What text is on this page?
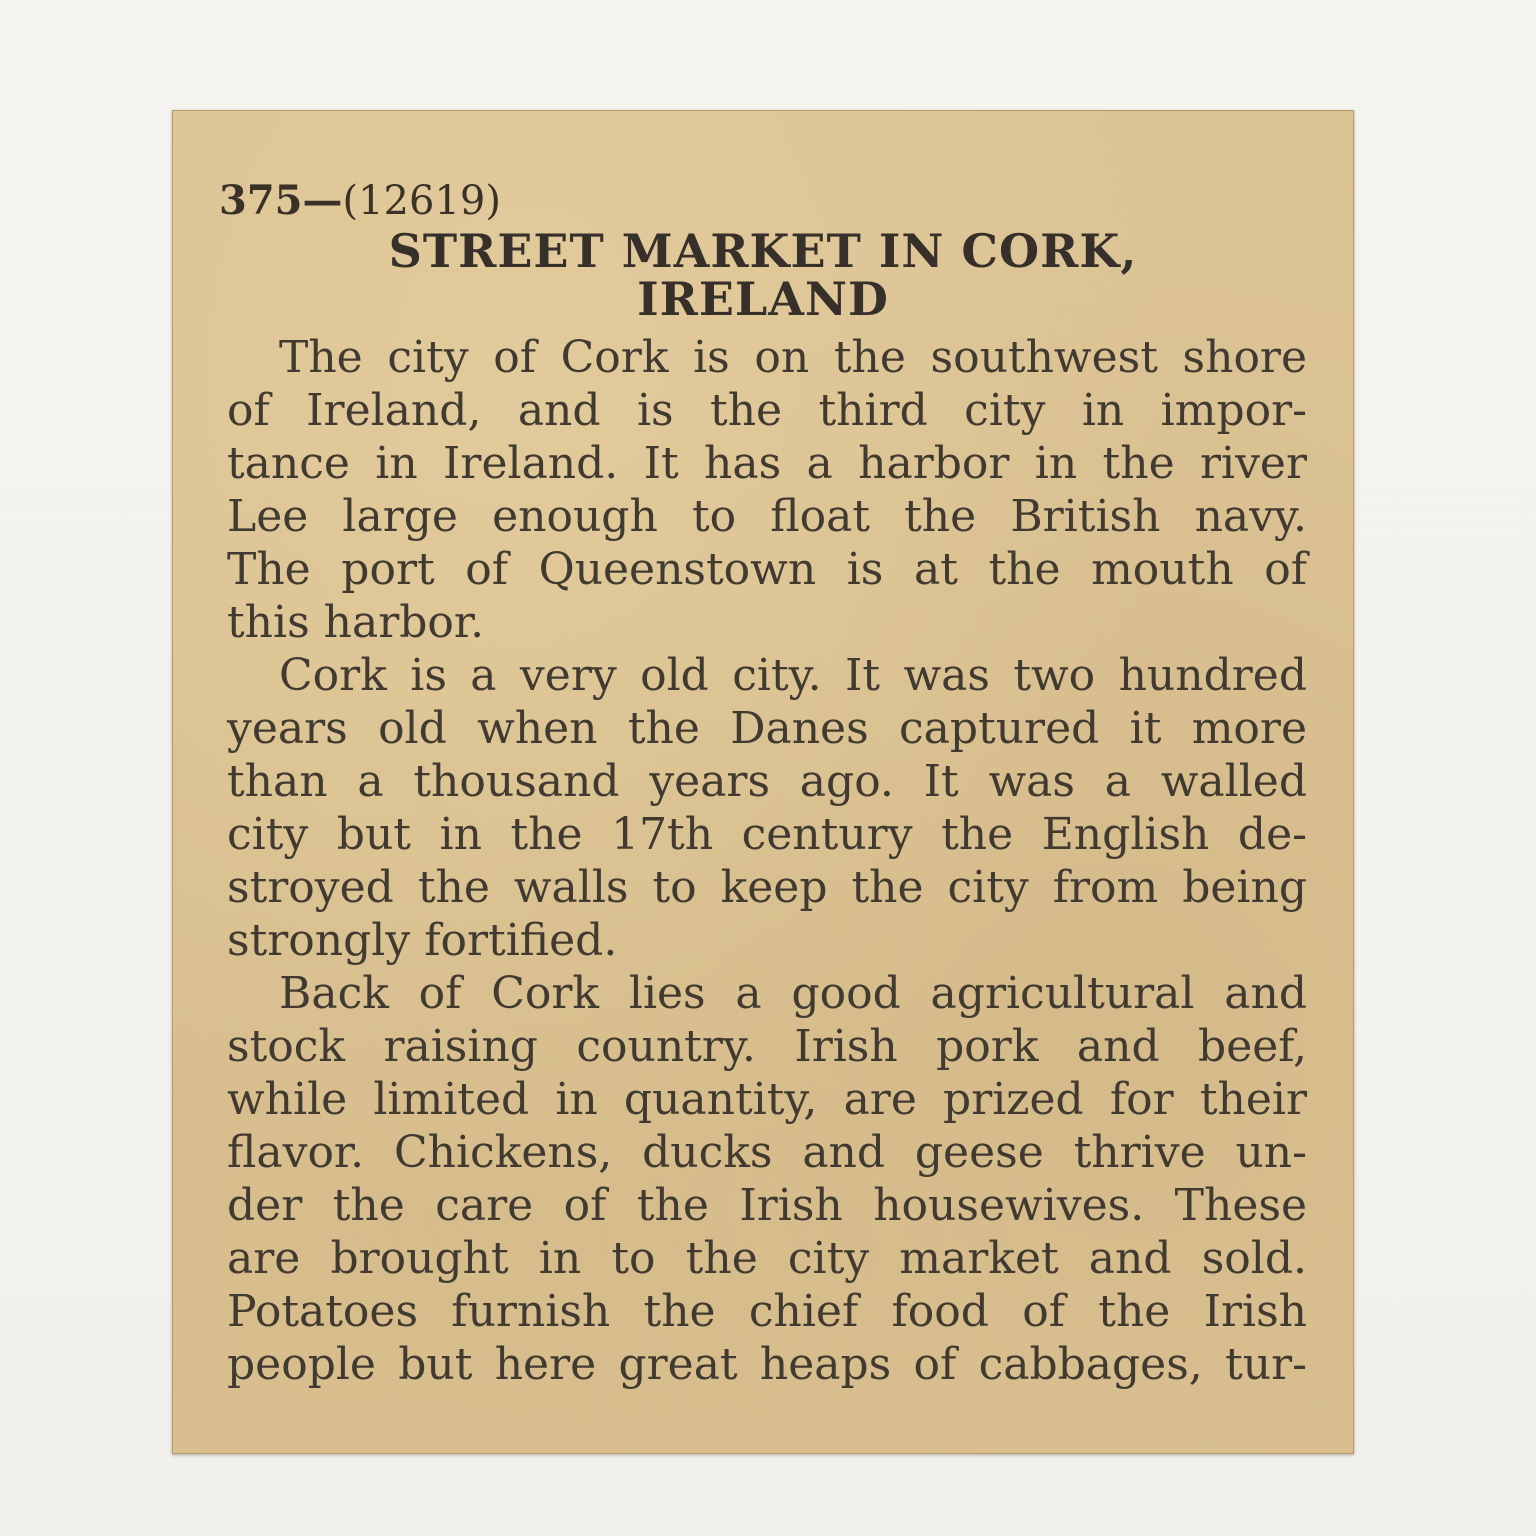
375—(12619)
STREET MARKET IN CORK,
IRELAND
The city of Cork is on the southwest shore
of Ireland, and is the third city in impor-
tance in Ireland. It has a harbor in the river
Lee large enough to float the British navy.
The port of Queenstown is at the mouth of
this harbor.
Cork is a very old city. It was two hundred
years old when the Danes captured it more
than a thousand years ago. It was a walled
city but in the 17th century the English de-
stroyed the walls to keep the city from being
strongly fortified.
Back of Cork lies a good agricultural and
stock raising country. Irish pork and beef,
while limited in quantity, are prized for their
flavor. Chickens, ducks and geese thrive un-
der the care of the Irish housewives. These
are brought in to the city market and sold.
Potatoes furnish the chief food of the Irish
people but here great heaps of cabbages, tur-
